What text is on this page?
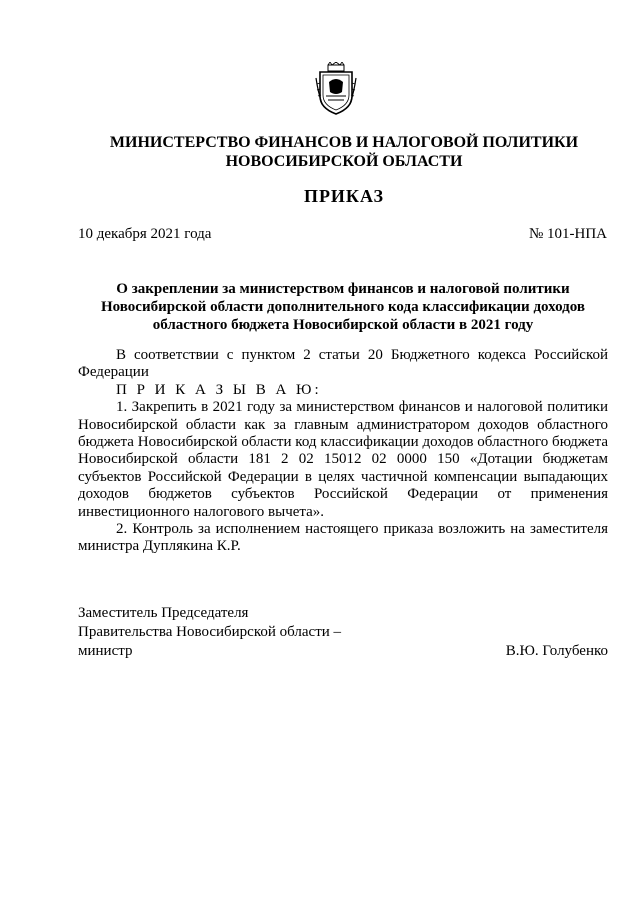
МИНИСТЕРСТВО ФИНАНСОВ И НАЛОГОВОЙ ПОЛИТИКИ
НОВОСИБИРСКОЙ ОБЛАСТИ
ПРИКАЗ
10 декабря 2021 года	№ 101-НПА
О закреплении за министерством финансов и налоговой политики
Новосибирской области дополнительного кода классификации доходов
областного бюджета Новосибирской области в 2021 году

В соответствии с пунктом 2 статьи 20 Бюджетного кодекса Российской Федерации

П Р И К А З Ы В А Ю:

1. Закрепить в 2021 году за министерством финансов и налоговой политики Новосибирской области как за главным администратором доходов областного бюджета Новосибирской области код классификации доходов областного бюджета Новосибирской области 181 2 02 15012 02 0000 150 «Дотации бюджетам субъектов Российской Федерации в целях частичной компенсации выпадающих доходов бюджетов субъектов Российской Федерации от применения инвестиционного налогового вычета».

2. Контроль за исполнением настоящего приказа возложить на заместителя министра Дуплякина К.Р.

Заместитель Председателя
Правительства Новосибирской области –
министр	В.Ю. Голубенко
